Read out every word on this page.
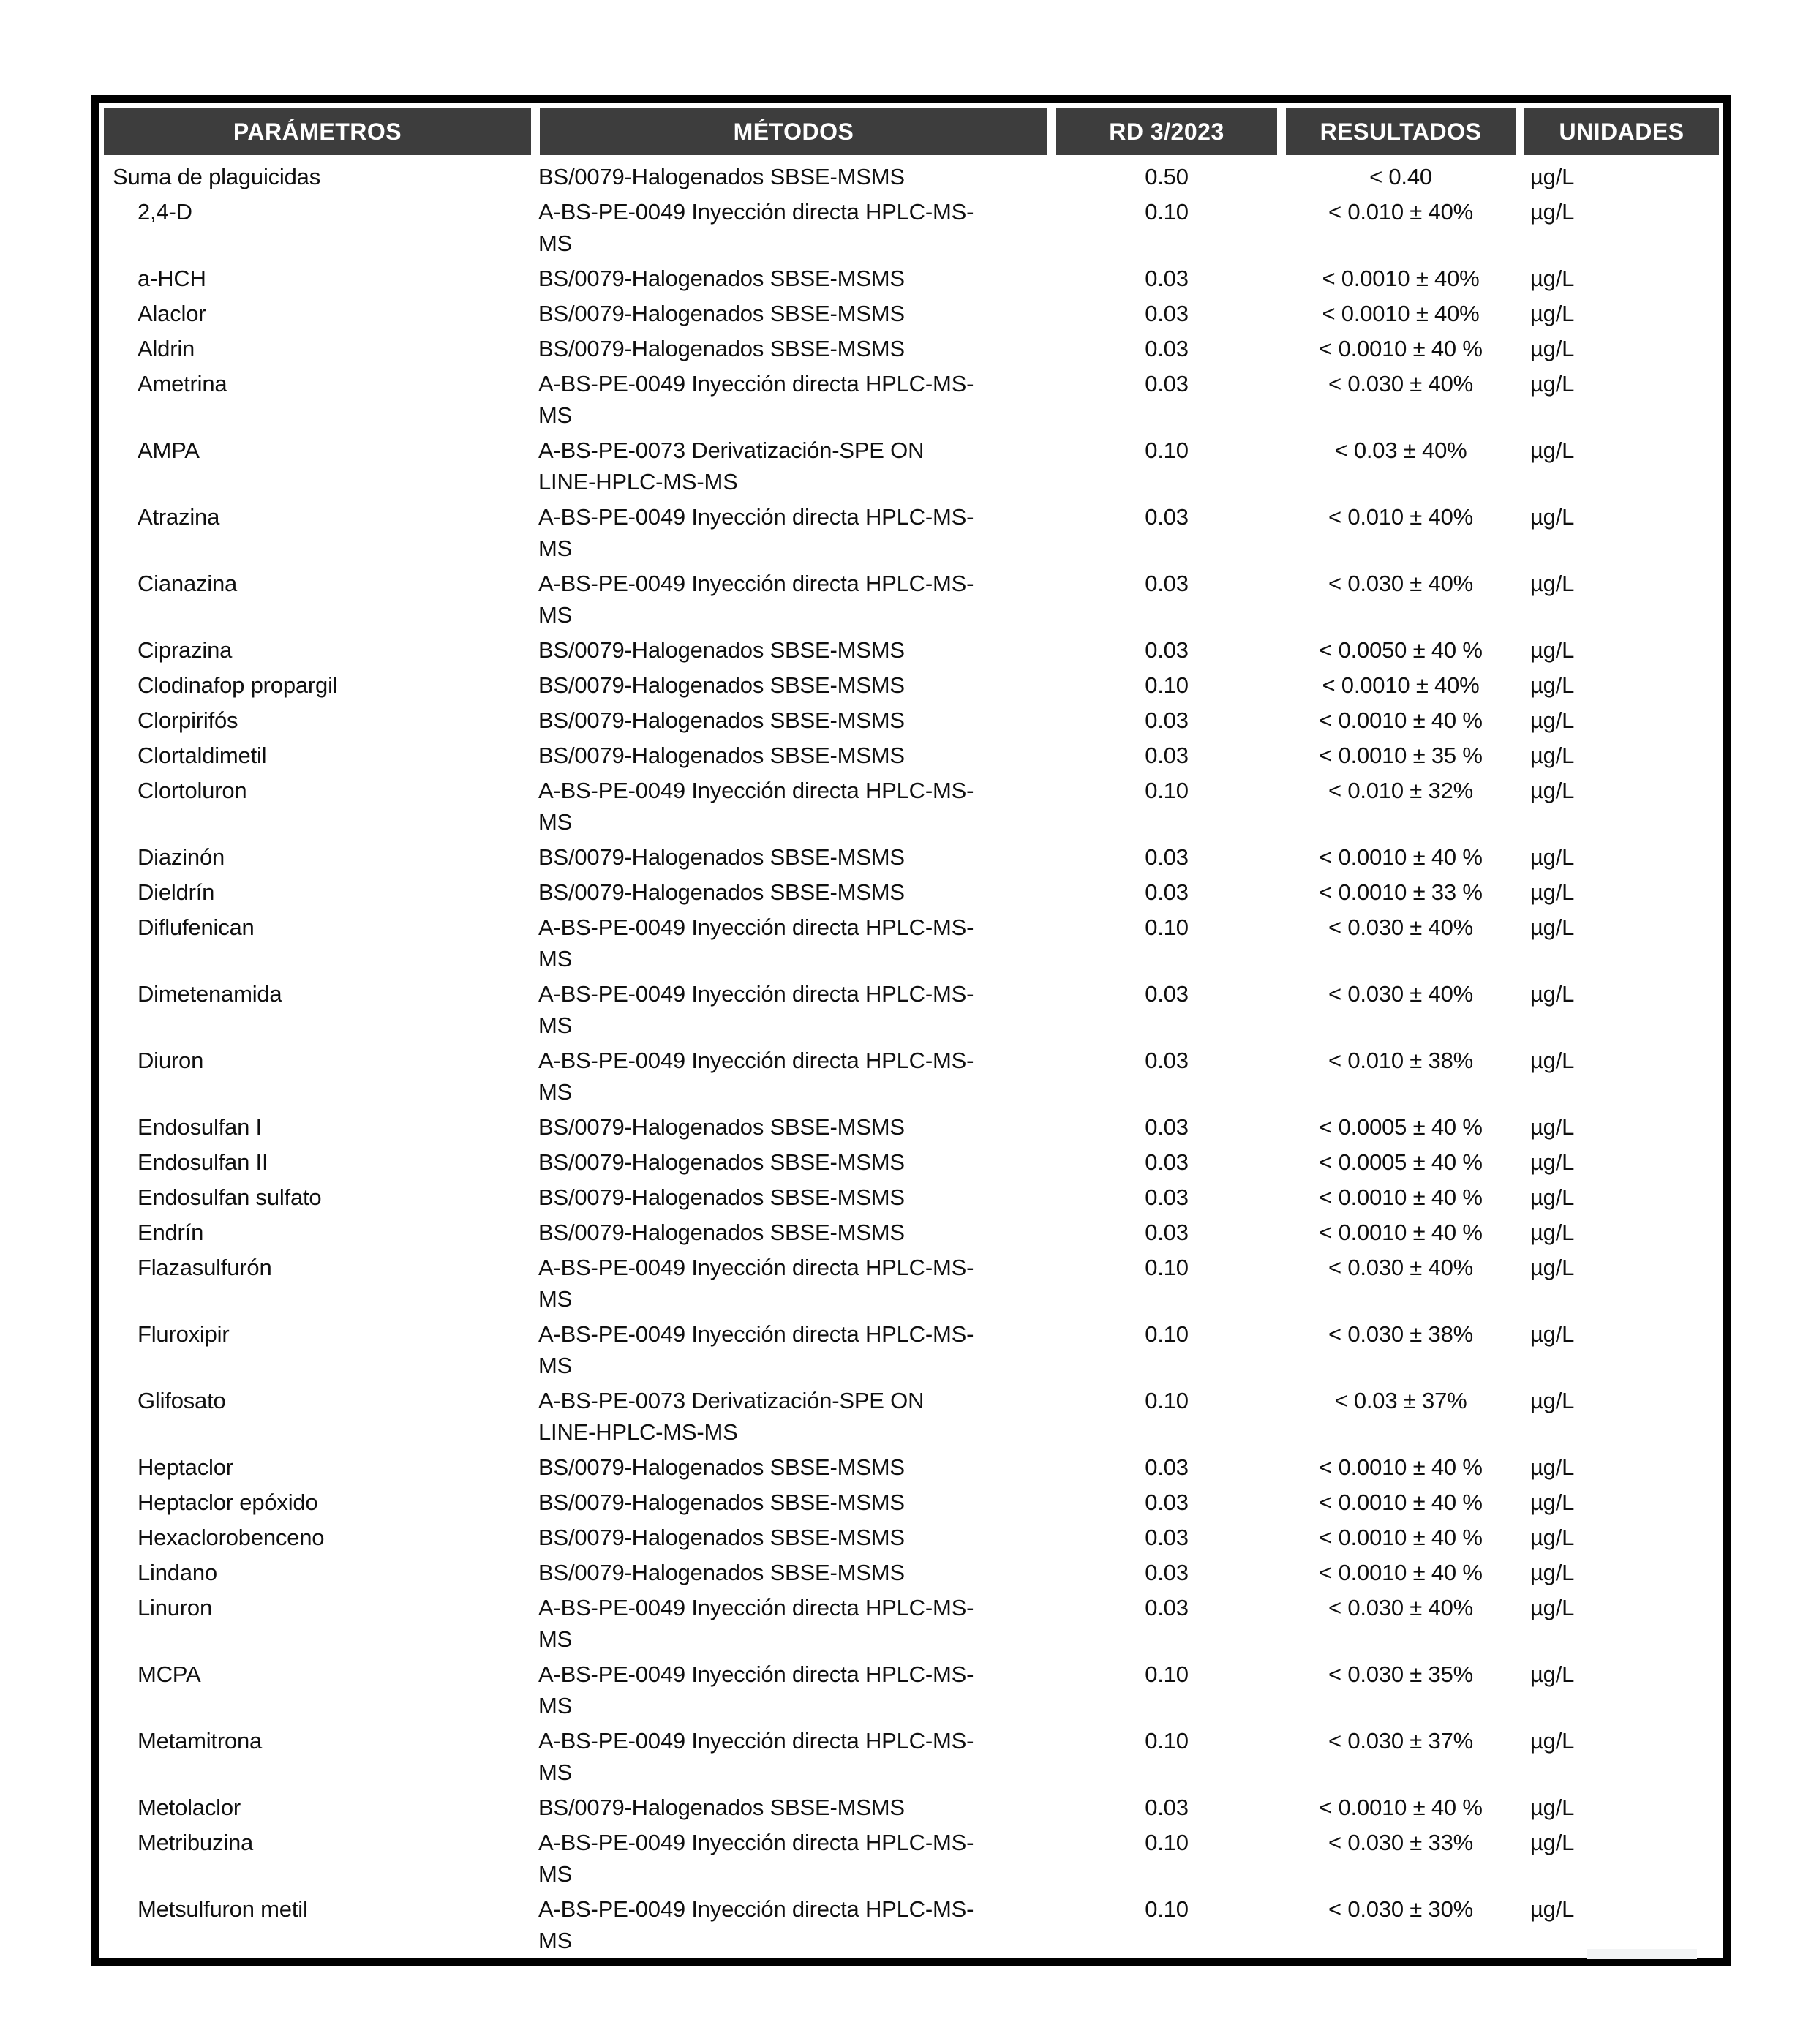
PARÁMETROS	MÉTODOS	RD 3/2023	RESULTADOS	UNIDADES
Suma de plaguicidas	BS/0079-Halogenados SBSE-MSMS	0.50	< 0.40	µg/L
2,4-D	A-BS-PE-0049 Inyección directa HPLC-MS-MS	0.10	< 0.010 ± 40%	µg/L
a-HCH	BS/0079-Halogenados SBSE-MSMS	0.03	< 0.0010 ± 40%	µg/L
Alaclor	BS/0079-Halogenados SBSE-MSMS	0.03	< 0.0010 ± 40%	µg/L
Aldrin	BS/0079-Halogenados SBSE-MSMS	0.03	< 0.0010 ± 40 %	µg/L
Ametrina	A-BS-PE-0049 Inyección directa HPLC-MS-MS	0.03	< 0.030 ± 40%	µg/L
AMPA	A-BS-PE-0073 Derivatización-SPE ON LINE-HPLC-MS-MS	0.10	< 0.03 ± 40%	µg/L
Atrazina	A-BS-PE-0049 Inyección directa HPLC-MS-MS	0.03	< 0.010 ± 40%	µg/L
Cianazina	A-BS-PE-0049 Inyección directa HPLC-MS-MS	0.03	< 0.030 ± 40%	µg/L
Ciprazina	BS/0079-Halogenados SBSE-MSMS	0.03	< 0.0050 ± 40 %	µg/L
Clodinafop propargil	BS/0079-Halogenados SBSE-MSMS	0.10	< 0.0010 ± 40%	µg/L
Clorpirifós	BS/0079-Halogenados SBSE-MSMS	0.03	< 0.0010 ± 40 %	µg/L
Clortaldimetil	BS/0079-Halogenados SBSE-MSMS	0.03	< 0.0010 ± 35 %	µg/L
Clortoluron	A-BS-PE-0049 Inyección directa HPLC-MS-MS	0.10	< 0.010 ± 32%	µg/L
Diazinón	BS/0079-Halogenados SBSE-MSMS	0.03	< 0.0010 ± 40 %	µg/L
Dieldrín	BS/0079-Halogenados SBSE-MSMS	0.03	< 0.0010 ± 33 %	µg/L
Diflufenican	A-BS-PE-0049 Inyección directa HPLC-MS-MS	0.10	< 0.030 ± 40%	µg/L
Dimetenamida	A-BS-PE-0049 Inyección directa HPLC-MS-MS	0.03	< 0.030 ± 40%	µg/L
Diuron	A-BS-PE-0049 Inyección directa HPLC-MS-MS	0.03	< 0.010 ± 38%	µg/L
Endosulfan I	BS/0079-Halogenados SBSE-MSMS	0.03	< 0.0005 ± 40 %	µg/L
Endosulfan II	BS/0079-Halogenados SBSE-MSMS	0.03	< 0.0005 ± 40 %	µg/L
Endosulfan sulfato	BS/0079-Halogenados SBSE-MSMS	0.03	< 0.0010 ± 40 %	µg/L
Endrín	BS/0079-Halogenados SBSE-MSMS	0.03	< 0.0010 ± 40 %	µg/L
Flazasulfurón	A-BS-PE-0049 Inyección directa HPLC-MS-MS	0.10	< 0.030 ± 40%	µg/L
Fluroxipir	A-BS-PE-0049 Inyección directa HPLC-MS-MS	0.10	< 0.030 ± 38%	µg/L
Glifosato	A-BS-PE-0073 Derivatización-SPE ON LINE-HPLC-MS-MS	0.10	< 0.03 ± 37%	µg/L
Heptaclor	BS/0079-Halogenados SBSE-MSMS	0.03	< 0.0010 ± 40 %	µg/L
Heptaclor epóxido	BS/0079-Halogenados SBSE-MSMS	0.03	< 0.0010 ± 40 %	µg/L
Hexaclorobenceno	BS/0079-Halogenados SBSE-MSMS	0.03	< 0.0010 ± 40 %	µg/L
Lindano	BS/0079-Halogenados SBSE-MSMS	0.03	< 0.0010 ± 40 %	µg/L
Linuron	A-BS-PE-0049 Inyección directa HPLC-MS-MS	0.03	< 0.030 ± 40%	µg/L
MCPA	A-BS-PE-0049 Inyección directa HPLC-MS-MS	0.10	< 0.030 ± 35%	µg/L
Metamitrona	A-BS-PE-0049 Inyección directa HPLC-MS-MS	0.10	< 0.030 ± 37%	µg/L
Metolaclor	BS/0079-Halogenados SBSE-MSMS	0.03	< 0.0010 ± 40 %	µg/L
Metribuzina	A-BS-PE-0049 Inyección directa HPLC-MS-MS	0.10	< 0.030 ± 33%	µg/L
Metsulfuron metil	A-BS-PE-0049 Inyección directa HPLC-MS-MS	0.10	< 0.030 ± 30%	µg/L
